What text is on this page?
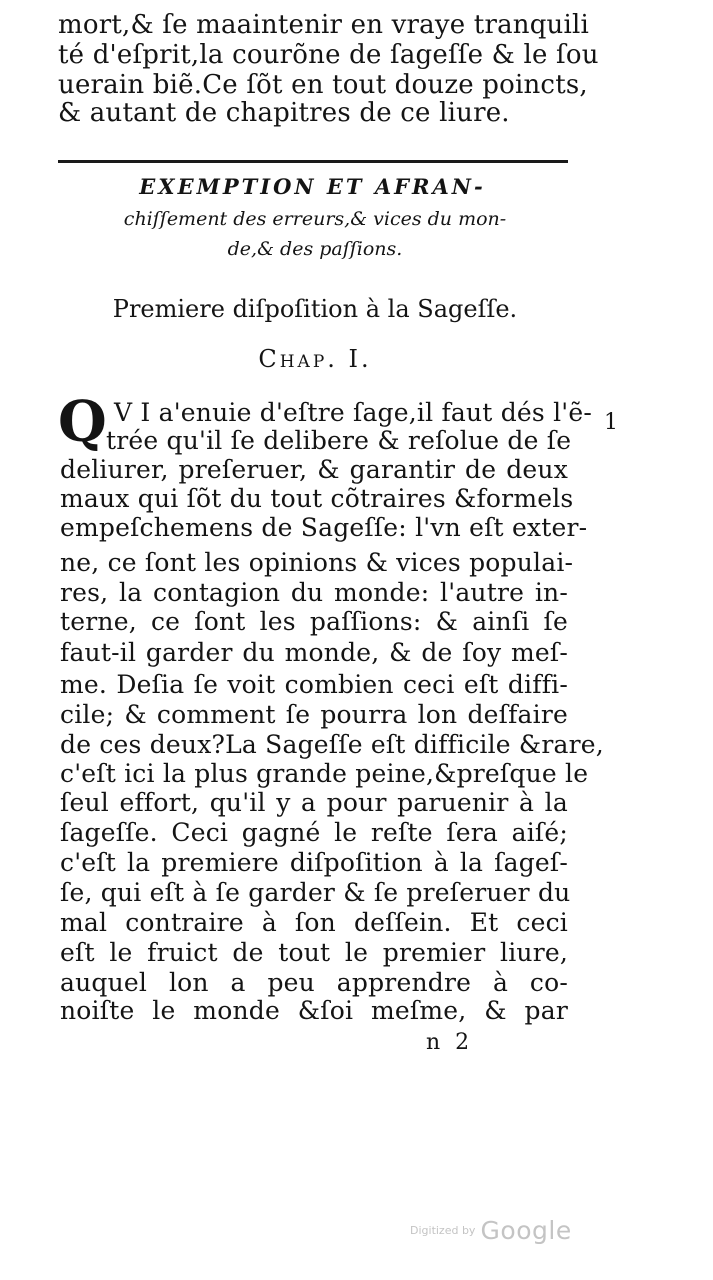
mort,& ſe maaintenir en vraye tranquili
té d'eſprit,la courõne de ſageſſe & le ſou
uerain biẽ.Ce ſõt en tout douze poincts,
& autant de chapitres de ce liure.
EXEMPTION ET AFRAN-
chiſſement des erreurs,& vices du mon-
de,& des paſſions.
Premiere diſpoſition à la Sageſſe.
Chap. I.
Q	1
V I a'enuie d'eſtre ſage,il faut dés l'ẽ-
trée qu'il ſe delibere & reſolue de ſe
deliurer, preſeruer, & garantir de deux
maux qui ſõt du tout cõtraires &formels
empeſchemens de Sageſſe: l'vn eſt exter-
ne, ce ſont les opinions & vices populai-
res, la contagion du monde: l'autre in-
terne, ce ſont les paſſions: & ainſi ſe
faut-il garder du monde, & de ſoy meſ-
me. Deſia ſe voit combien ceci eſt diffi-
cile; & comment ſe pourra lon deſfaire
de ces deux?La Sageſſe eſt difficile &rare,
c'eſt ici la plus grande peine,&preſque le
ſeul effort, qu'il y a pour paruenir à la
ſageſſe. Ceci gagné le reſte ſera aiſé;
c'eſt la premiere diſpoſition à la ſageſ-
ſe, qui eſt à ſe garder & ſe preſeruer du
mal contraire à ſon deſſein. Et ceci
eſt le fruict de tout le premier liure,
auquel lon a peu apprendre à co-
noiſte le monde &ſoi meſme, & par
n 2
Digitized by Google
